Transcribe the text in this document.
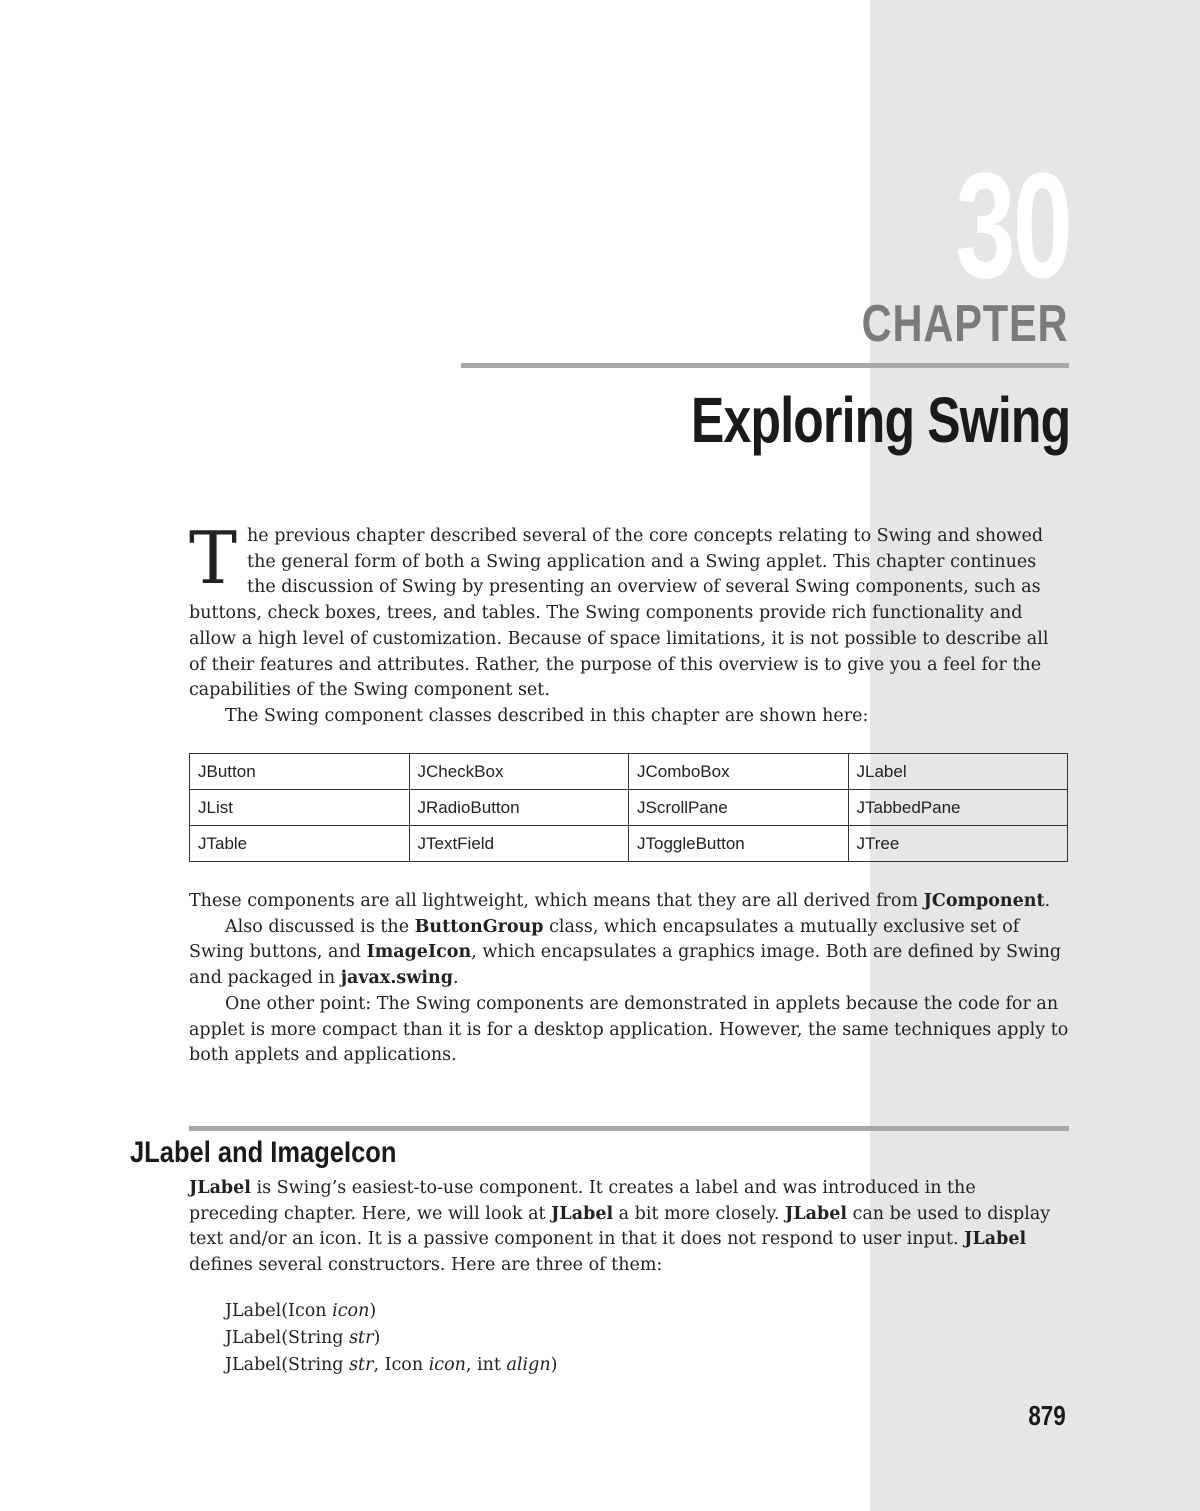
30
CHAPTER
Exploring Swing

The previous chapter described several of the core concepts relating to Swing and showed the general form of both a Swing application and a Swing applet. This chapter continues the discussion of Swing by presenting an overview of several Swing components, such as buttons, check boxes, trees, and tables. The Swing components provide rich functionality and allow a high level of customization. Because of space limitations, it is not possible to describe all of their features and attributes. Rather, the purpose of this overview is to give you a feel for the capabilities of the Swing component set.

The Swing component classes described in this chapter are shown here:

JButton	JCheckBox	JComboBox	JLabel
JList	JRadioButton	JScrollPane	JTabbedPane
JTable	JTextField	JToggleButton	JTree

These components are all lightweight, which means that they are all derived from JComponent.

Also discussed is the ButtonGroup class, which encapsulates a mutually exclusive set of Swing buttons, and ImageIcon, which encapsulates a graphics image. Both are defined by Swing and packaged in javax.swing.

One other point: The Swing components are demonstrated in applets because the code for an applet is more compact than it is for a desktop application. However, the same techniques apply to both applets and applications.

JLabel and ImageIcon

JLabel is Swing’s easiest-to-use component. It creates a label and was introduced in the preceding chapter. Here, we will look at JLabel a bit more closely. JLabel can be used to display text and/or an icon. It is a passive component in that it does not respond to user input. JLabel defines several constructors. Here are three of them:

JLabel(Icon icon)
JLabel(String str)
JLabel(String str, Icon icon, int align)
879
